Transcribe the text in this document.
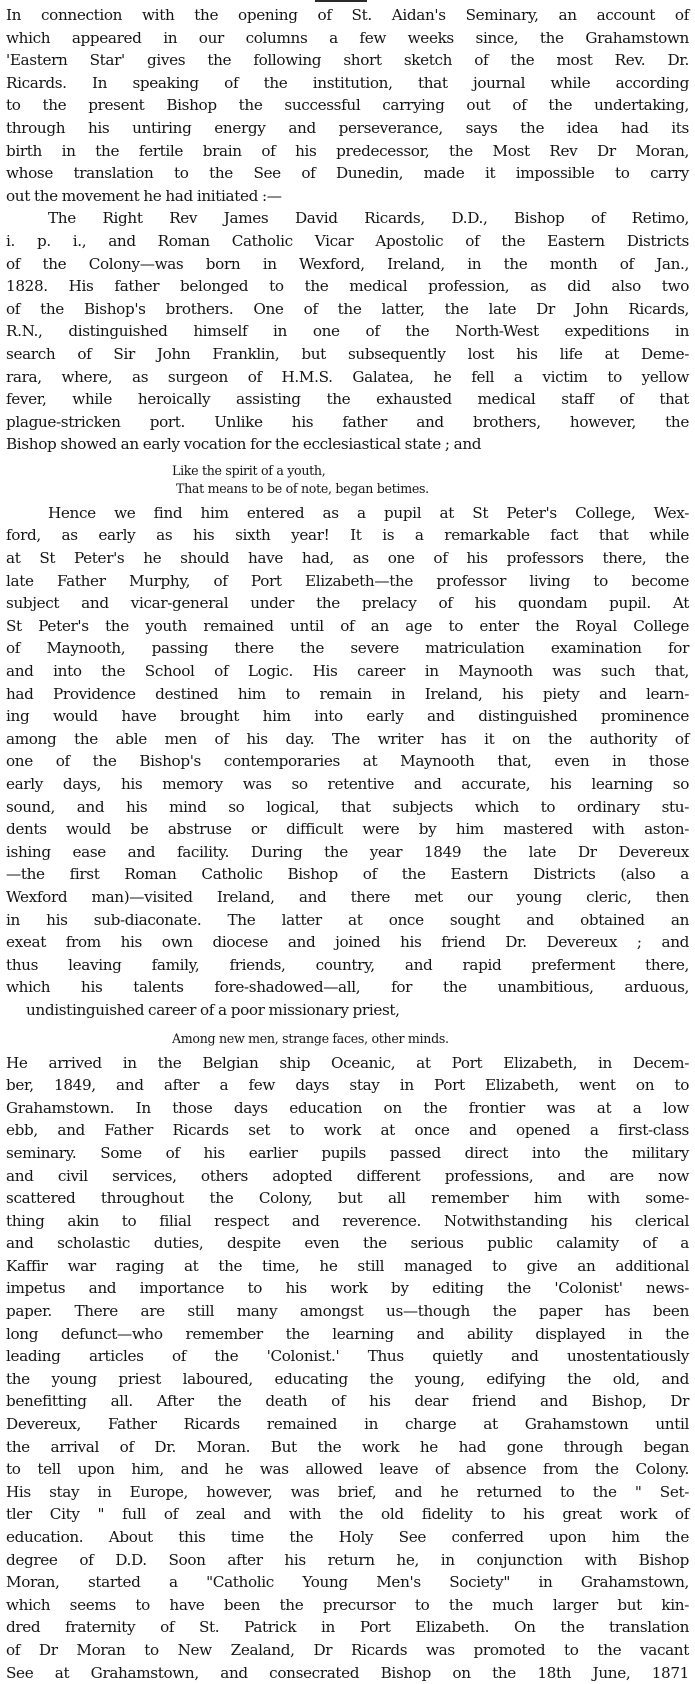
In connection with the opening of St. Aidan's Seminary, an account of
which appeared in our columns a few weeks since, the Grahamstown
'Eastern Star' gives the following short sketch of the most Rev. Dr.
Ricards. In speaking of the institution, that journal while according
to the present Bishop the successful carrying out of the undertaking,
through his untiring energy and perseverance, says the idea had its
birth in the fertile brain of his predecessor, the Most Rev Dr Moran,
whose translation to the See of Dunedin, made it impossible to carry
out the movement he had initiated :—
The Right Rev James David Ricards, D.D., Bishop of Retimo,
i. p. i., and Roman Catholic Vicar Apostolic of the Eastern Districts
of the Colony—was born in Wexford, Ireland, in the month of Jan.,
1828. His father belonged to the medical profession, as did also two
of the Bishop's brothers. One of the latter, the late Dr John Ricards,
R.N., distinguished himself in one of the North-West expeditions in
search of Sir John Franklin, but subsequently lost his life at Deme-
rara, where, as surgeon of H.M.S. Galatea, he fell a victim to yellow
fever, while heroically assisting the exhausted medical staff of that
plague-stricken port. Unlike his father and brothers, however, the
Bishop showed an early vocation for the ecclesiastical state ; and
Like the spirit of a youth,
That means to be of note, began betimes.
Hence we find him entered as a pupil at St Peter's College, Wex-
ford, as early as his sixth year! It is a remarkable fact that while
at St Peter's he should have had, as one of his professors there, the
late Father Murphy, of Port Elizabeth—the professor living to become
subject and vicar-general under the prelacy of his quondam pupil. At
St Peter's the youth remained until of an age to enter the Royal College
of Maynooth, passing there the severe matriculation examination for
and into the School of Logic. His career in Maynooth was such that,
had Providence destined him to remain in Ireland, his piety and learn-
ing would have brought him into early and distinguished prominence
among the able men of his day. The writer has it on the authority of
one of the Bishop's contemporaries at Maynooth that, even in those
early days, his memory was so retentive and accurate, his learning so
sound, and his mind so logical, that subjects which to ordinary stu-
dents would be abstruse or difficult were by him mastered with aston-
ishing ease and facility. During the year 1849 the late Dr Devereux
—the first Roman Catholic Bishop of the Eastern Districts (also a
Wexford man)—visited Ireland, and there met our young cleric, then
in his sub-diaconate. The latter at once sought and obtained an
exeat from his own diocese and joined his friend Dr. Devereux ; and
thus leaving family, friends, country, and rapid preferment there,
which his talents fore-shadowed—all, for the unambitious, arduous,
undistinguished career of a poor missionary priest,
Among new men, strange faces, other minds.
He arrived in the Belgian ship Oceanic, at Port Elizabeth, in Decem-
ber, 1849, and after a few days stay in Port Elizabeth, went on to
Grahamstown. In those days education on the frontier was at a low
ebb, and Father Ricards set to work at once and opened a first-class
seminary. Some of his earlier pupils passed direct into the military
and civil services, others adopted different professions, and are now
scattered throughout the Colony, but all remember him with some-
thing akin to filial respect and reverence. Notwithstanding his clerical
and scholastic duties, despite even the serious public calamity of a
Kaffir war raging at the time, he still managed to give an additional
impetus and importance to his work by editing the 'Colonist' news-
paper. There are still many amongst us—though the paper has been
long defunct—who remember the learning and ability displayed in the
leading articles of the 'Colonist.' Thus quietly and unostentatiously
the young priest laboured, educating the young, edifying the old, and
benefitting all. After the death of his dear friend and Bishop, Dr
Devereux, Father Ricards remained in charge at Grahamstown until
the arrival of Dr. Moran. But the work he had gone through began
to tell upon him, and he was allowed leave of absence from the Colony.
His stay in Europe, however, was brief, and he returned to the " Set-
tler City " full of zeal and with the old fidelity to his great work of
education. About this time the Holy See conferred upon him the
degree of D.D. Soon after his return he, in conjunction with Bishop
Moran, started a "Catholic Young Men's Society" in Grahamstown,
which seems to have been the precursor to the much larger but kin-
dred fraternity of St. Patrick in Port Elizabeth. On the translation
of Dr Moran to New Zealand, Dr Ricards was promoted to the vacant
See at Grahamstown, and consecrated Bishop on the 18th June, 1871
